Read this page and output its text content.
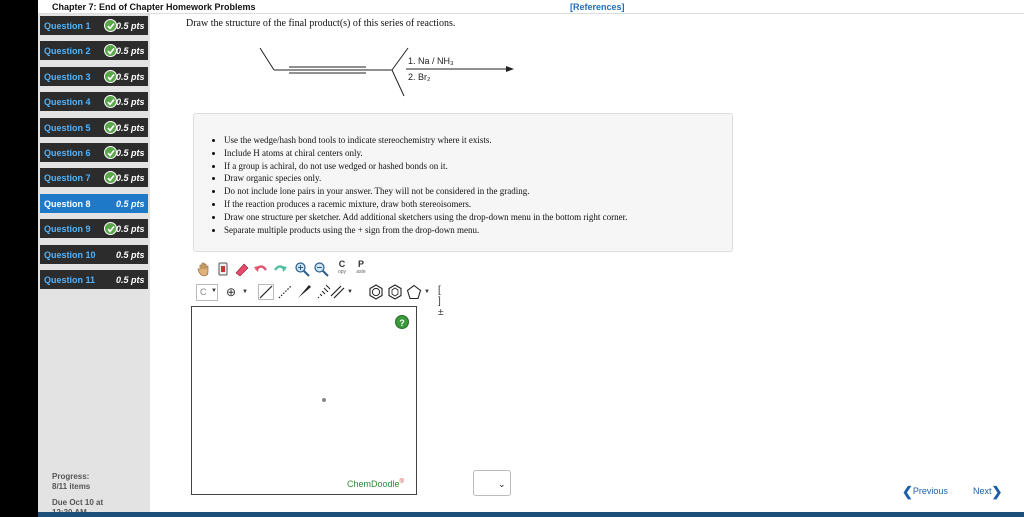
Chapter 7: End of Chapter Homework Problems	[References]
Question 1	0.5 pts
Question 2	0.5 pts
Question 3	0.5 pts
Question 4	0.5 pts
Question 5	0.5 pts
Question 6	0.5 pts
Question 7	0.5 pts
Question 8	0.5 pts
Question 9	0.5 pts
Question 10 0.5 pts
Question 11 0.5 pts
Progress:
8/11 items
Due Oct 10 at
Draw the structure of the final product(s) of this series of reactions.
1. Na / NH₃
2. Br₂
• Use the wedge/hash bond tools to indicate stereochemistry where it exists.
• Include H atoms at chiral centers only.
• If a group is achiral, do not use wedged or hashed bonds on it.
• Draw organic species only.
• Do not include lone pairs in your answer. They will not be considered in the grading.
• If the reaction produces a racemic mixture, draw both stereoisomers.
• Draw one structure per sketcher. Add additional sketchers using the drop-down menu in the bottom right corner.
• Separate multiple products using the + sign from the drop-down menu.
C
opy
P
aste
C ▼ ⊕ ▼	▼	▼ [ ]±
?
ChemDoodle®	⌄	❮Previous	Next❯
